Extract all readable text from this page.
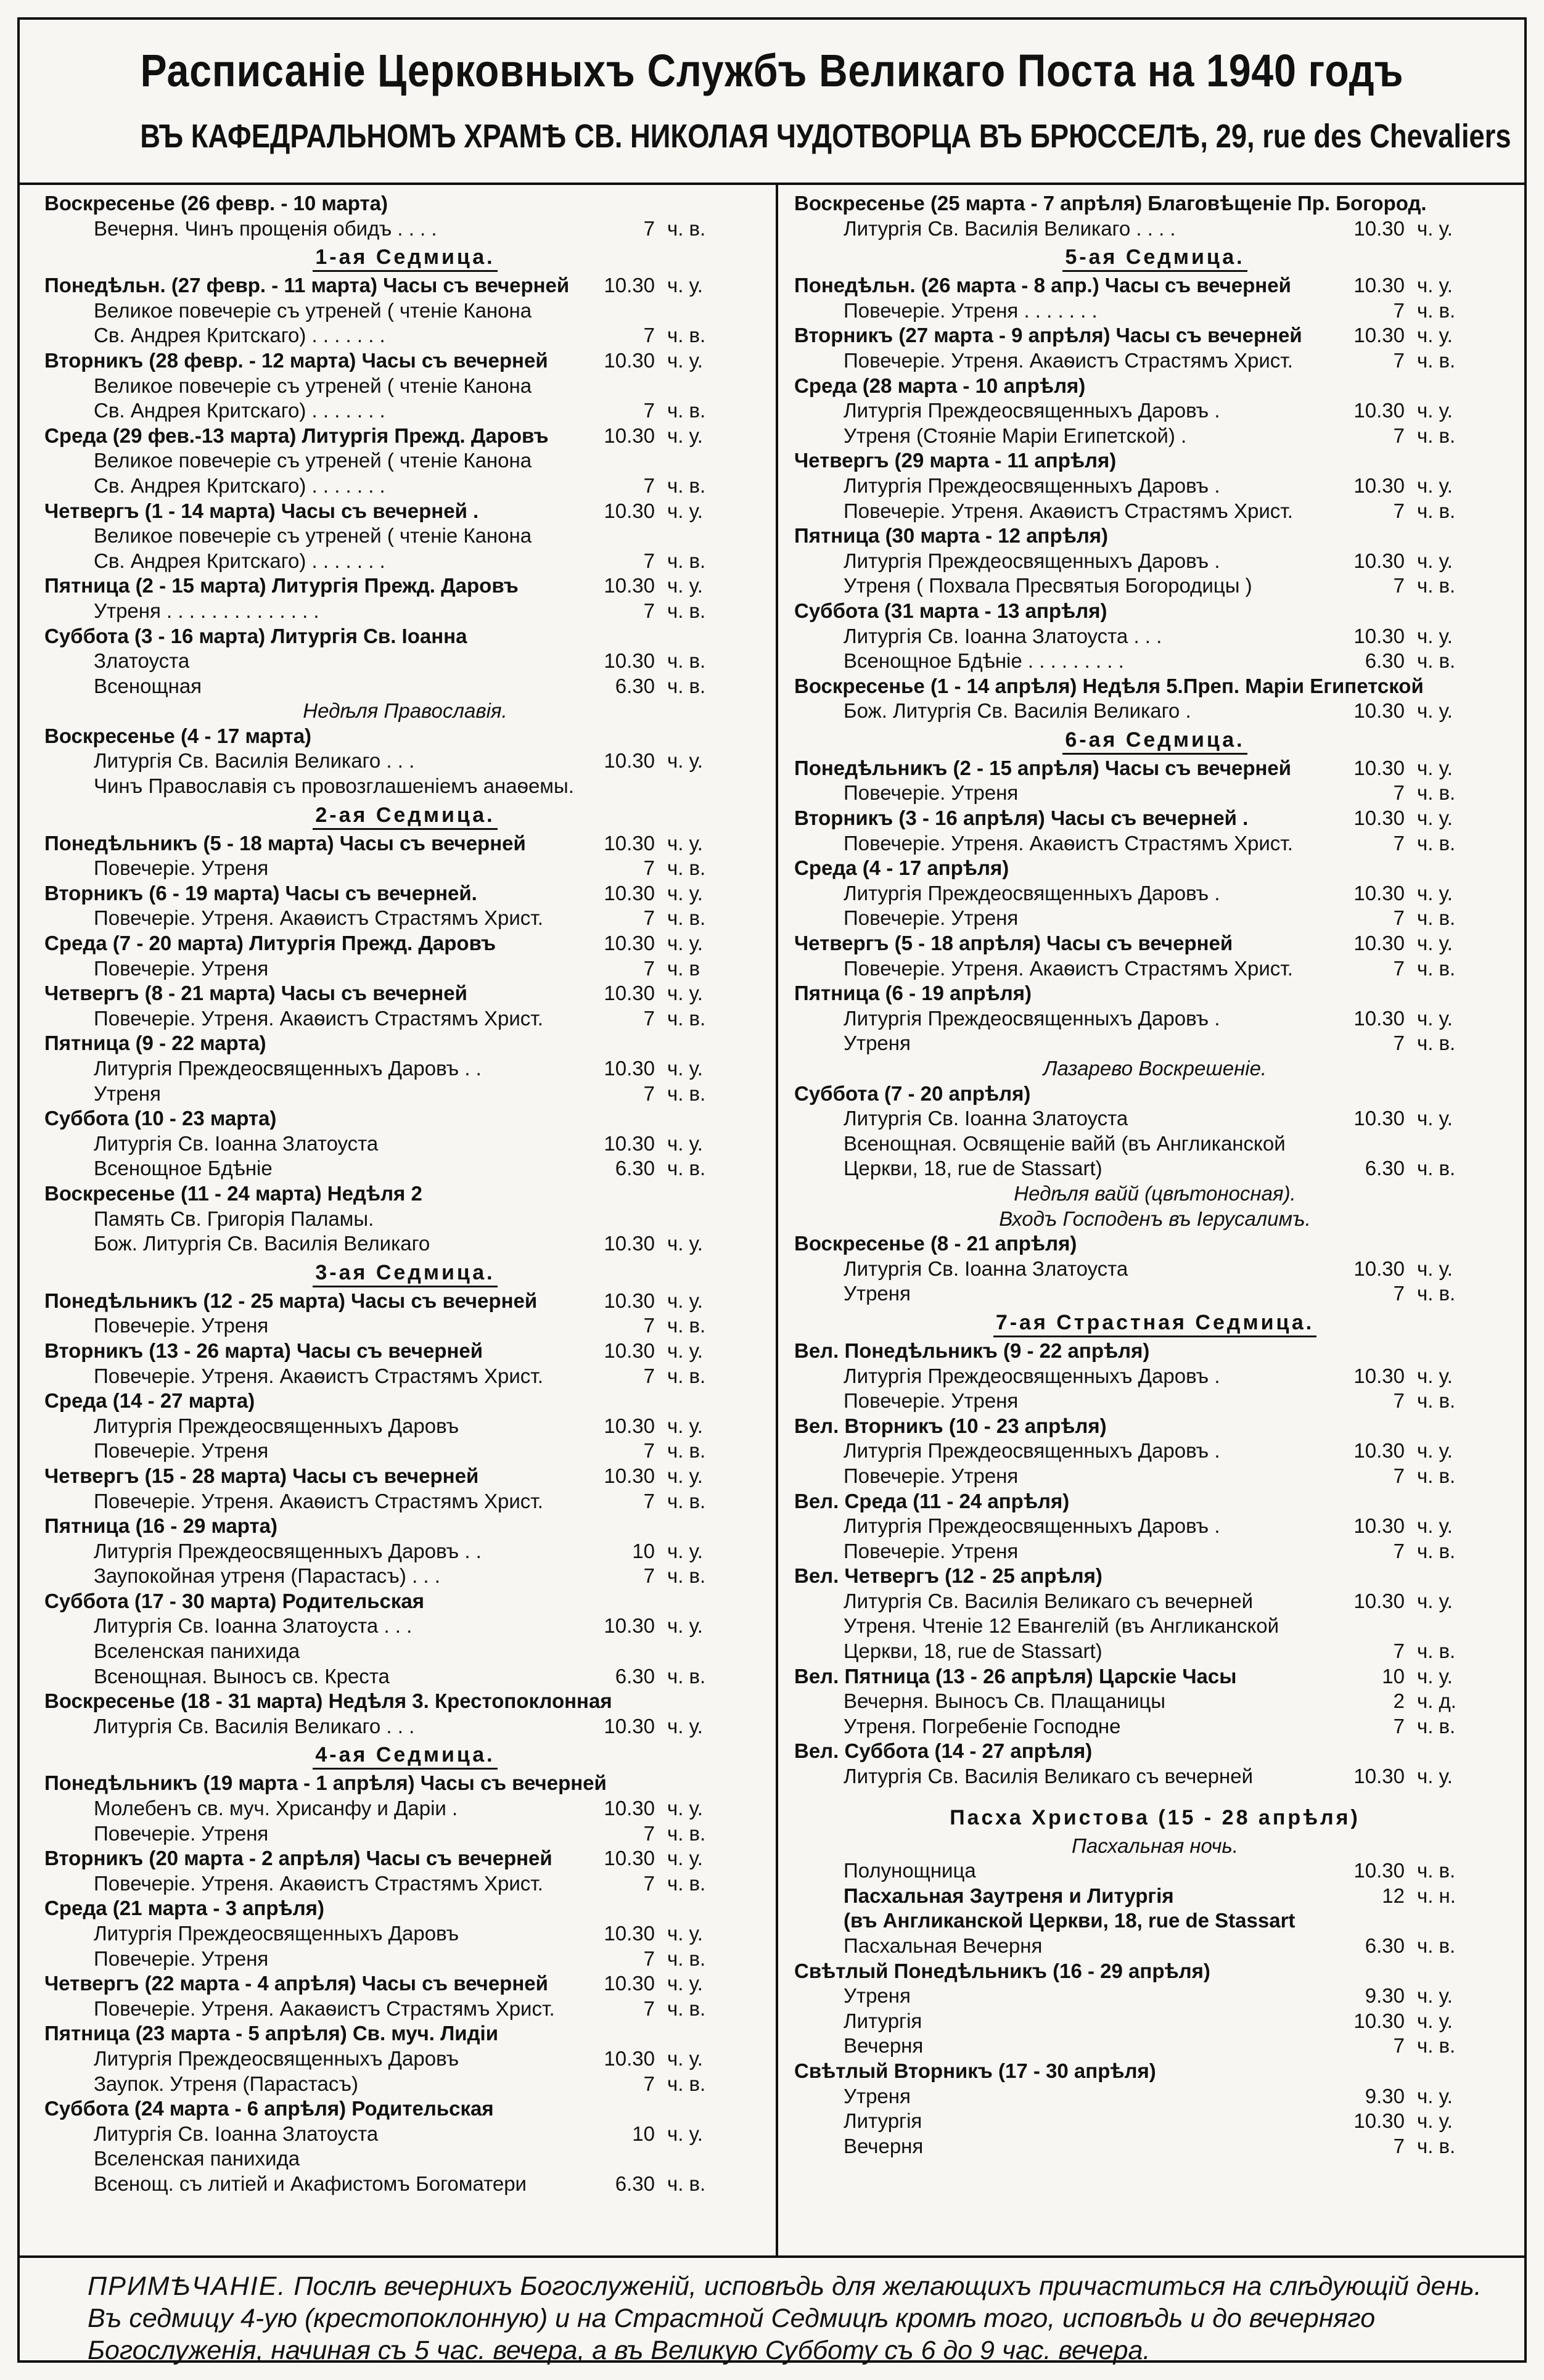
Расписаніе Церковныхъ Службъ Великаго Поста на 1940 годъ
ВЪ КАФЕДРАЛЬНОМЪ ХРАМѢ СВ. НИКОЛАЯ ЧУДОТВОРЦА ВЪ БРЮССЕЛѢ, 29, rue des Chevaliers
Воскресенье (26 февр. - 10 марта)
Вечерня. Чинъ прощенія обидъ . . . .	7 ч. в.
1-ая Седмица.
Понедѣльн. (27 февр. - 11 марта) Часы съ вечерней 10.30 ч. у.
Великое повечеріе съ утреней ( чтеніе Канона
Св. Андрея Критскаго) . . . . . . .	7 ч. в.
Вторникъ (28 февр. - 12 марта) Часы съ вечерней	10.30 ч. у.
Великое повечеріе съ утреней ( чтеніе Канона
Св. Андрея Критскаго) . . . . . . .	7 ч. в.
Среда (29 фев.-13 марта) Литургія Прежд. Даровъ	10.30 ч. у.
Великое повечеріе съ утреней ( чтеніе Канона
Св. Андрея Критскаго) . . . . . . .	7 ч. в.
Четвергъ (1 - 14 марта) Часы съ вечерней .	10.30 ч. у.
Великое повечеріе съ утреней ( чтеніе Канона
Св. Андрея Критскаго) . . . . . . .	7 ч. в.
Пятница (2 - 15 марта) Литургія Прежд. Даровъ	10.30 ч. у.
Утреня . . . . . . . . . . . . . .	7 ч. в.
Суббота (3 - 16 марта) Литургія Св. Іоанна
Златоуста	10.30 ч. в.
Всенощная	6.30 ч. в.
Недѣля Православія.
Воскресенье (4 - 17 марта)
Литургія Св. Василія Великаго . . .	10.30 ч. у.
Чинъ Православія съ провозглашеніемъ анаѳемы.
2-ая Седмица.
Понедѣльникъ (5 - 18 марта) Часы съ вечерней	10.30 ч. у.
Повечеріе. Утреня	7 ч. в.
Вторникъ (6 - 19 марта) Часы съ вечерней.	10.30 ч. у.
Повечеріе. Утреня. Акаѳистъ Страстямъ Христ.	7 ч. в.
Среда (7 - 20 марта) Литургія Прежд. Даровъ	10.30 ч. у.
Повечеріе. Утреня	7 ч. в
Четвергъ (8 - 21 марта) Часы съ вечерней	10.30 ч. у.
Повечеріе. Утреня. Акаѳистъ Страстямъ Христ.	7 ч. в.
Пятница (9 - 22 марта)
Литургія Преждеосвященныхъ Даровъ . .	10.30 ч. у.
Утреня	7 ч. в.
Суббота (10 - 23 марта)
Литургія Св. Іоанна Златоуста	10.30 ч. у.
Всенощное Бдѣніе	6.30 ч. в.
Воскресенье (11 - 24 марта) Недѣля 2
Память Св. Григорія Паламы.
Бож. Литургія Св. Василія Великаго	10.30 ч. у.
3-ая Седмица.
Понедѣльникъ (12 - 25 марта) Часы съ вечерней	10.30 ч. у.
Повечеріе. Утреня	7 ч. в.
Вторникъ (13 - 26 марта) Часы съ вечерней	10.30 ч. у.
Повечеріе. Утреня. Акаѳистъ Страстямъ Христ.	7 ч. в.
Среда (14 - 27 марта)
Литургія Преждеосвященныхъ Даровъ	10.30 ч. у.
Повечеріе. Утреня	7 ч. в.
Четвергъ (15 - 28 марта) Часы съ вечерней	10.30 ч. у.
Повечеріе. Утреня. Акаѳистъ Страстямъ Христ.	7 ч. в.
Пятница (16 - 29 марта)
Литургія Преждеосвященныхъ Даровъ . .	10 ч. у.
Заупокойная утреня (Парастасъ) . . .	7 ч. в.
Суббота (17 - 30 марта) Родительская
Литургія Св. Іоанна Златоуста . . .	10.30 ч. у.
Вселенская панихида
Всенощная. Выносъ св. Креста	6.30 ч. в.
Воскресенье (18 - 31 марта) Недѣля 3. Крестопоклонная
Литургія Св. Василія Великаго . . .	10.30 ч. у.
4-ая Седмица.
Понедѣльникъ (19 марта - 1 апрѣля) Часы съ вечерней
Молебенъ св. муч. Хрисанфу и Даріи .	10.30 ч. у.
Повечеріе. Утреня	7 ч. в.
Вторникъ (20 марта - 2 апрѣля) Часы съ вечерней	10.30 ч. у.
Повечеріе. Утреня. Акаѳистъ Страстямъ Христ.	7 ч. в.
Среда (21 марта - 3 апрѣля)
Литургія Преждеосвященныхъ Даровъ	10.30 ч. у.
Повечеріе. Утреня	7 ч. в.
Четвергъ (22 марта - 4 апрѣля) Часы съ вечерней	10.30 ч. у.
Повечеріе. Утреня. Аакаѳистъ Страстямъ Христ.	7 ч. в.
Пятница (23 марта - 5 апрѣля) Св. муч. Лидіи
Литургія Преждеосвященныхъ Даровъ	10.30 ч. у.
Заупок. Утреня (Парастасъ)	7 ч. в.
Суббота (24 марта - 6 апрѣля) Родительская
Литургія Св. Іоанна Златоуста	10 ч. у.
Вселенская панихида
Всенощ. съ литіей и Акафистомъ Богоматери	6.30 ч. в.
Воскресенье (25 марта - 7 апрѣля) Благовѣщеніе Пр. Богород.
Литургія Св. Василія Великаго . . . .	10.30 ч. у.
5-ая Седмица.
Понедѣльн. (26 марта - 8 апр.) Часы съ вечерней	10.30 ч. у.
Повечеріе. Утреня . . . . . . .	7 ч. в.
Вторникъ (27 марта - 9 апрѣля) Часы съ вечерней	10.30 ч. у.
Повечеріе. Утреня. Акаѳистъ Страстямъ Христ.	7 ч. в.
Среда (28 марта - 10 апрѣля)
Литургія Преждеосвященныхъ Даровъ .	10.30 ч. у.
Утреня (Стояніе Маріи Египетской) .	7 ч. в.
Четвергъ (29 марта - 11 апрѣля)
Литургія Преждеосвященныхъ Даровъ .	10.30 ч. у.
Повечеріе. Утреня. Акаѳистъ Страстямъ Христ.	7 ч. в.
Пятница (30 марта - 12 апрѣля)
Литургія Преждеосвященныхъ Даровъ .	10.30 ч. у.
Утреня ( Похвала Пресвятыя Богородицы )	7 ч. в.
Суббота (31 марта - 13 апрѣля)
Литургія Св. Іоанна Златоуста . . .	10.30 ч. у.
Всенощное Бдѣніе . . . . . . . . .	6.30 ч. в.
Воскресенье (1 - 14 апрѣля) Недѣля 5.Преп. Маріи Египетской
Бож. Литургія Св. Василія Великаго .	10.30 ч. у.
6-ая Седмица.
Понедѣльникъ (2 - 15 апрѣля) Часы съ вечерней	10.30 ч. у.
Повечеріе. Утреня	7 ч. в.
Вторникъ (3 - 16 апрѣля) Часы съ вечерней .	10.30 ч. у.
Повечеріе. Утреня. Акаѳистъ Страстямъ Христ.	7 ч. в.
Среда (4 - 17 апрѣля)
Литургія Преждеосвященныхъ Даровъ .	10.30 ч. у.
Повечеріе. Утреня	7 ч. в.
Четвергъ (5 - 18 апрѣля) Часы съ вечерней	10.30 ч. у.
Повечеріе. Утреня. Акаѳистъ Страстямъ Христ.	7 ч. в.
Пятница (6 - 19 апрѣля)
Литургія Преждеосвященныхъ Даровъ .	10.30 ч. у.
Утреня	7 ч. в.
Лазарево Воскрешеніе.
Суббота (7 - 20 апрѣля)
Литургія Св. Іоанна Златоуста	10.30 ч. у.
Всенощная. Освященіе вайй (въ Англиканской
Церкви, 18, rue de Stassart)	6.30 ч. в.
Недѣля вайй (цвѣтоносная).
Входъ Господенъ въ Іерусалимъ.
Воскресенье (8 - 21 апрѣля)
Литургія Св. Іоанна Златоуста	10.30 ч. у.
Утреня	7 ч. в.
7-ая Страстная Седмица.
Вел. Понедѣльникъ (9 - 22 апрѣля)
Литургія Преждеосвященныхъ Даровъ .	10.30 ч. у.
Повечеріе. Утреня	7 ч. в.
Вел. Вторникъ (10 - 23 апрѣля)
Литургія Преждеосвященныхъ Даровъ .	10.30 ч. у.
Повечеріе. Утреня	7 ч. в.
Вел. Среда (11 - 24 апрѣля)
Литургія Преждеосвященныхъ Даровъ .	10.30 ч. у.
Повечеріе. Утреня	7 ч. в.
Вел. Четвергъ (12 - 25 апрѣля)
Литургія Св. Василія Великаго съ вечерней	10.30 ч. у.
Утреня. Чтеніе 12 Евангелій (въ Англиканской
Церкви, 18, rue de Stassart)	7 ч. в.
Вел. Пятница (13 - 26 апрѣля) Царскіе Часы	10 ч. у.
Вечерня. Выносъ Св. Плащаницы	2 ч. д.
Утреня. Погребеніе Господне	7 ч. в.
Вел. Суббота (14 - 27 апрѣля)
Литургія Св. Василія Великаго съ вечерней	10.30 ч. у.
Пасха Христова (15 - 28 апрѣля)
Пасхальная ночь.
Полунощница	10.30 ч. в.
Пасхальная Заутреня и Литургія	12 ч. н.
(въ Англиканской Церкви, 18, rue de Stassart
Пасхальная Вечерня	6.30 ч. в.
Свѣтлый Понедѣльникъ (16 - 29 апрѣля)
Утреня	9.30 ч. у.
Литургія	10.30 ч. у.
Вечерня	7 ч. в.
Свѣтлый Вторникъ (17 - 30 апрѣля)
Утреня	9.30 ч. у.
Литургія	10.30 ч. у.
Вечерня	7 ч. в.
ПРИМѢЧАНІЕ. Послѣ вечернихъ Богослуженій, исповѣдь для желающихъ причаститься на слѣдующій день. Въ седмицу 4-ую (крестопоклонную) и на Страстной Седмицѣ кромѣ того, исповѣдь и до вечерняго Богослуженія, начиная съ 5 час. вечера, а въ Великую Субботу съ 6 до 9 час. вечера.
